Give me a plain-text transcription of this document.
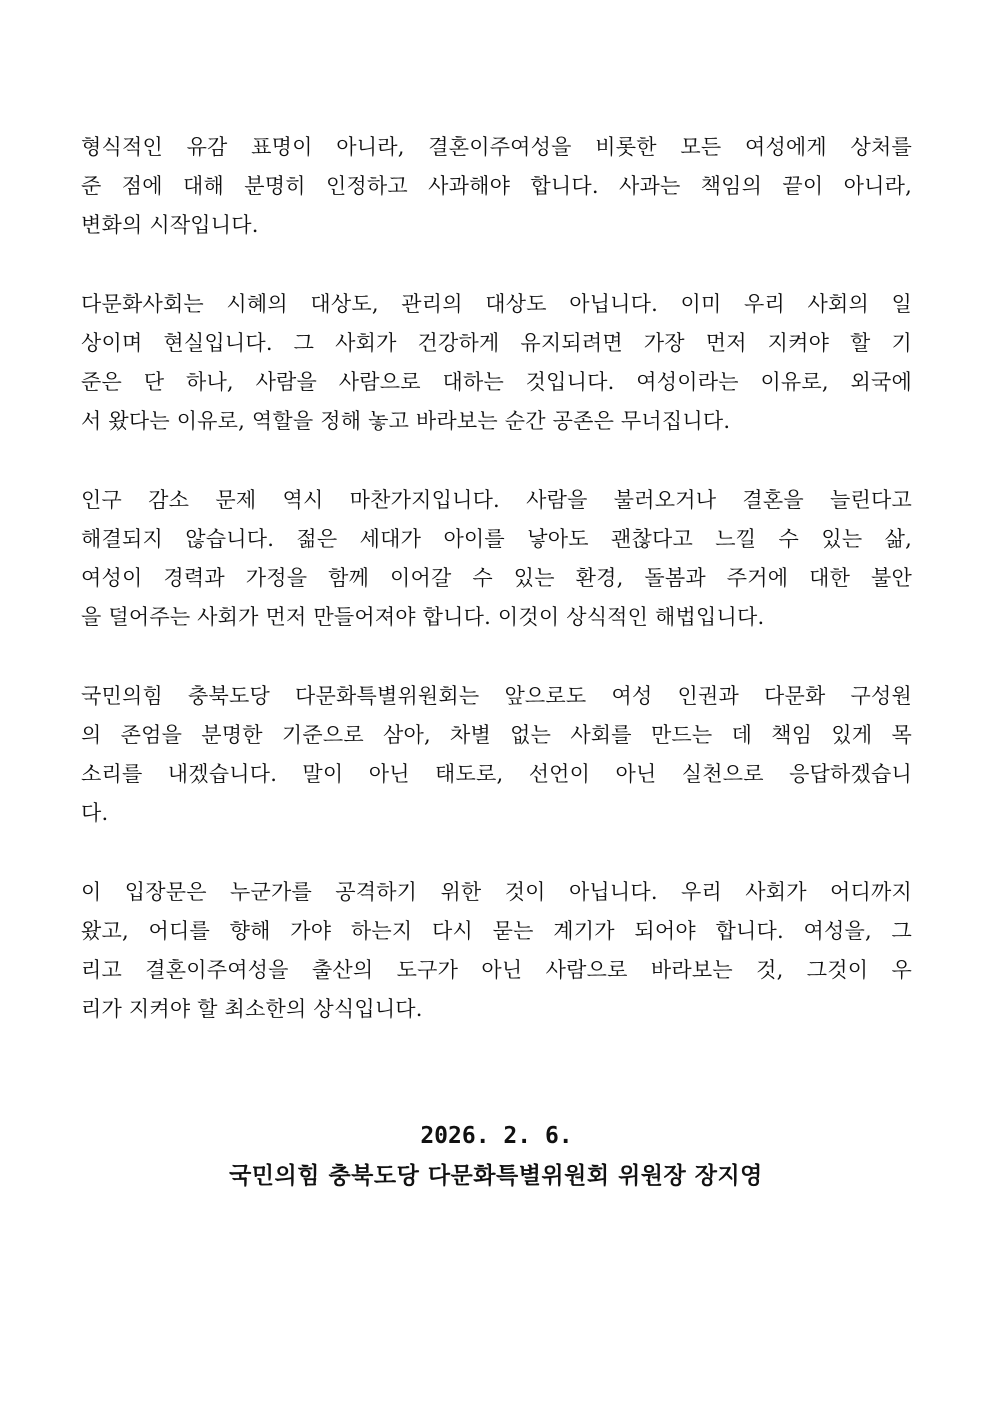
형식적인 유감 표명이 아니라, 결혼이주여성을 비롯한 모든 여성에게 상처를
준 점에 대해 분명히 인정하고 사과해야 합니다. 사과는 책임의 끝이 아니라,
변화의 시작입니다.

다문화사회는 시혜의 대상도, 관리의 대상도 아닙니다. 이미 우리 사회의 일
상이며 현실입니다. 그 사회가 건강하게 유지되려면 가장 먼저 지켜야 할 기
준은 단 하나, 사람을 사람으로 대하는 것입니다. 여성이라는 이유로, 외국에
서 왔다는 이유로, 역할을 정해 놓고 바라보는 순간 공존은 무너집니다.

인구 감소 문제 역시 마찬가지입니다. 사람을 불러오거나 결혼을 늘린다고
해결되지 않습니다. 젊은 세대가 아이를 낳아도 괜찮다고 느낄 수 있는 삶,
여성이 경력과 가정을 함께 이어갈 수 있는 환경, 돌봄과 주거에 대한 불안
을 덜어주는 사회가 먼저 만들어져야 합니다. 이것이 상식적인 해법입니다.

국민의힘 충북도당 다문화특별위원회는 앞으로도 여성 인권과 다문화 구성원
의 존엄을 분명한 기준으로 삼아, 차별 없는 사회를 만드는 데 책임 있게 목
소리를 내겠습니다. 말이 아닌 태도로, 선언이 아닌 실천으로 응답하겠습니
다.

이 입장문은 누군가를 공격하기 위한 것이 아닙니다. 우리 사회가 어디까지
왔고, 어디를 향해 가야 하는지 다시 묻는 계기가 되어야 합니다. 여성을, 그
리고 결혼이주여성을 출산의 도구가 아닌 사람으로 바라보는 것, 그것이 우
리가 지켜야 할 최소한의 상식입니다.

2026. 2. 6.
국민의힘 충북도당 다문화특별위원회 위원장 장지영
